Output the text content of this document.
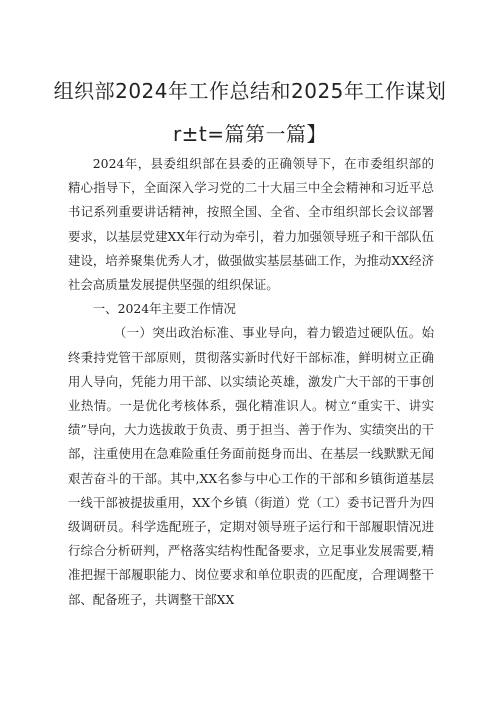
组织部2024年工作总结和2025年工作谋划
r±t=篇第一篇】

2024年，县委组织部在县委的正确领导下，在市委组织部的精心指导下，全面深入学习党的二十大届三中全会精神和习近平总书记系列重要讲话精神，按照全国、全省、全市组织部长会议部署要求，以基层党建XX年行动为牵引，着力加强领导班子和干部队伍建设，培养聚集优秀人才，做强做实基层基础工作，为推动XX经济社会高质量发展提供坚强的组织保证。

一、2024年主要工作情况

（一）突出政治标准、事业导向，着力锻造过硬队伍。始终秉持党管干部原则，贯彻落实新时代好干部标准，鲜明树立正确用人导向，凭能力用干部、以实绩论英雄，激发广大干部的干事创业热情。一是优化考核体系，强化精准识人。树立“重实干、讲实绩”导向，大力选拔敢于负责、勇于担当、善于作为、实绩突出的干部，注重使用在急难险重任务面前挺身而出、在基层一线默默无闻艰苦奋斗的干部。其中,XX名参与中心工作的干部和乡镇街道基层一线干部被提拔重用，XX个乡镇（街道）党（工）委书记晋升为四级调研员。科学选配班子，定期对领导班子运行和干部履职情况进行综合分析研判，严格落实结构性配备要求，立足事业发展需要,精准把握干部履职能力、岗位要求和单位职责的匹配度，合理调整干部、配备班子，共调整干部XX
